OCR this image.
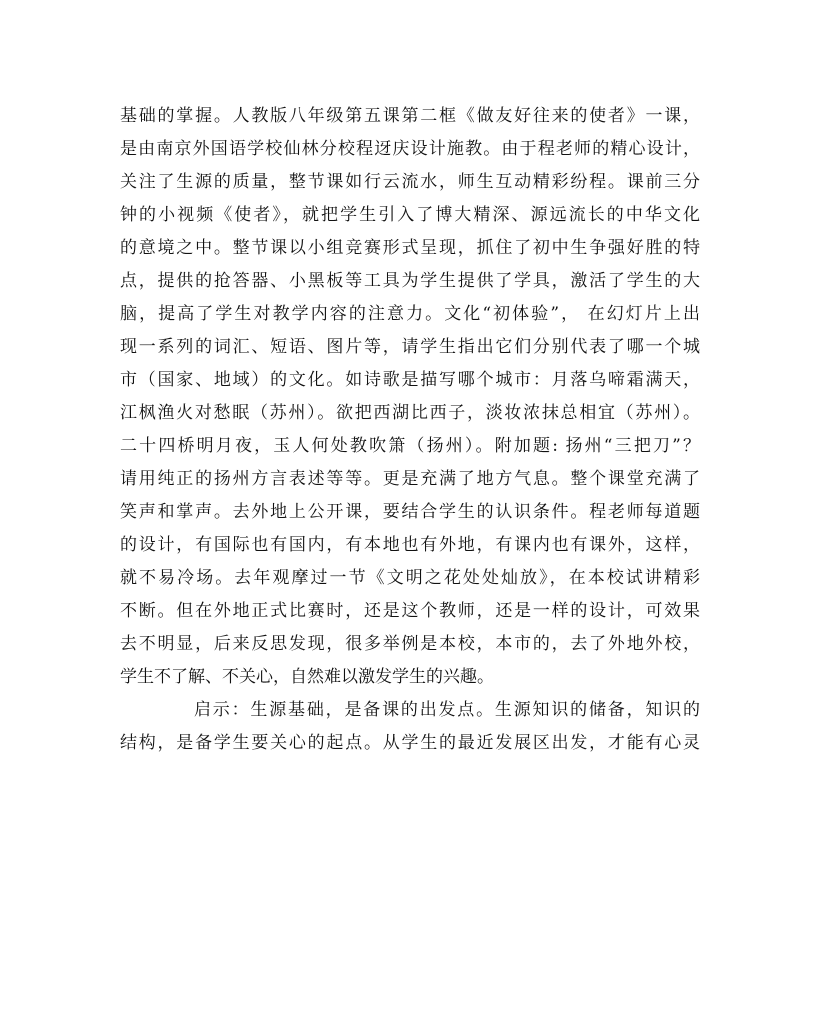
基础的掌握。人教版八年级第五课第二框《做友好往来的使者》一课，
是由南京外国语学校仙林分校程迓庆设计施教。由于程老师的精心设计，
关注了生源的质量，整节课如行云流水，师生互动精彩纷程。课前三分
钟的小视频《使者》，就把学生引入了博大精深、源远流长的中华文化
的意境之中。整节课以小组竞赛形式呈现，抓住了初中生争强好胜的特
点，提供的抢答器、小黑板等工具为学生提供了学具，激活了学生的大
脑，提高了学生对教学内容的注意力。文化“初体验”， 在幻灯片上出
现一系列的词汇、短语、图片等，请学生指出它们分别代表了哪一个城
市（国家、地域）的文化。如诗歌是描写哪个城市：月落乌啼霜满天，
江枫渔火对愁眠（苏州）。欲把西湖比西子，淡妆浓抹总相宜（苏州）。
二十四桥明月夜，玉人何处教吹箫（扬州）。附加题: 扬州“三把刀”？
请用纯正的扬州方言表述等等。更是充满了地方气息。整个课堂充满了
笑声和掌声。去外地上公开课，要结合学生的认识条件。程老师每道题
的设计，有国际也有国内，有本地也有外地，有课内也有课外，这样，
就不易冷场。去年观摩过一节《文明之花处处灿放》，在本校试讲精彩
不断。但在外地正式比赛时，还是这个教师，还是一样的设计，可效果
去不明显，后来反思发现，很多举例是本校，本市的，去了外地外校，
学生不了解、不关心，自然难以激发学生的兴趣。
启示：生源基础，是备课的出发点。生源知识的储备，知识的
结构，是备学生要关心的起点。从学生的最近发展区出发，才能有心灵
